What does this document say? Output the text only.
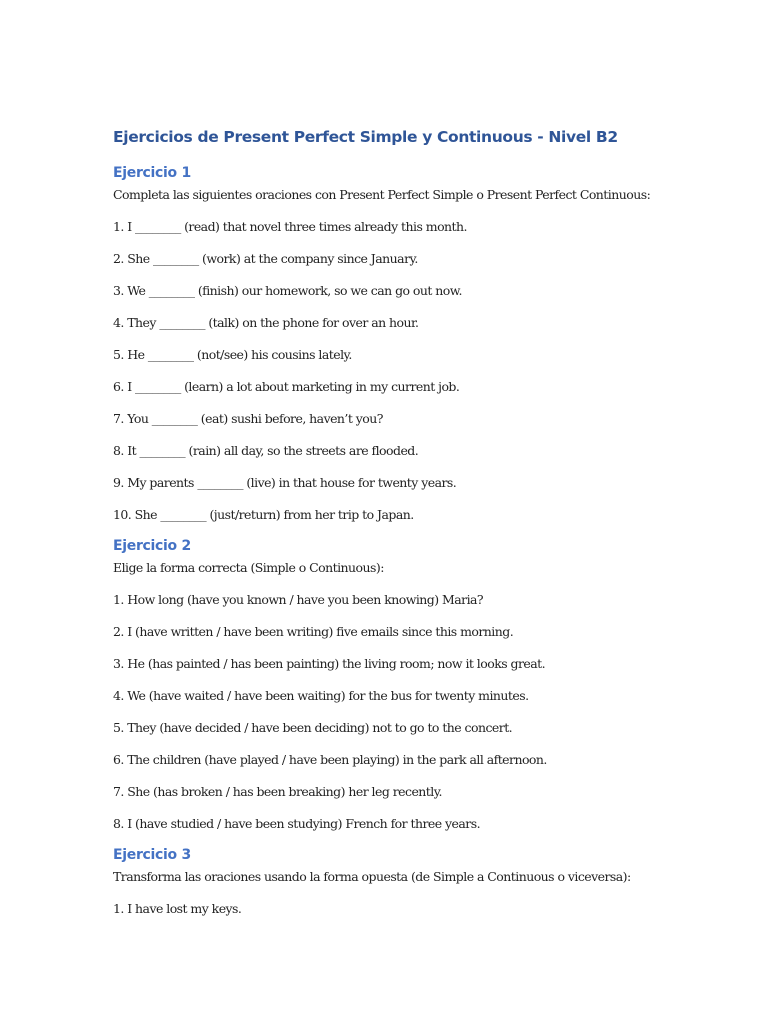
Ejercicios de Present Perfect Simple y Continuous - Nivel B2
Ejercicio 1

Completa las siguientes oraciones con Present Perfect Simple o Present Perfect Continuous:

1. I ________ (read) that novel three times already this month.
2. She ________ (work) at the company since January.
3. We ________ (finish) our homework, so we can go out now.
4. They ________ (talk) on the phone for over an hour.
5. He ________ (not/see) his cousins lately.
6. I ________ (learn) a lot about marketing in my current job.
7. You ________ (eat) sushi before, haven’t you?
8. It ________ (rain) all day, so the streets are flooded.
9. My parents ________ (live) in that house for twenty years.
10. She ________ (just/return) from her trip to Japan.
Ejercicio 2

Elige la forma correcta (Simple o Continuous):

1. How long (have you known / have you been knowing) Maria?
2. I (have written / have been writing) five emails since this morning.
3. He (has painted / has been painting) the living room; now it looks great.
4. We (have waited / have been waiting) for the bus for twenty minutes.
5. They (have decided / have been deciding) not to go to the concert.
6. The children (have played / have been playing) in the park all afternoon.
7. She (has broken / has been breaking) her leg recently.
8. I (have studied / have been studying) French for three years.
Ejercicio 3

Transforma las oraciones usando la forma opuesta (de Simple a Continuous o viceversa):

1. I have lost my keys.
